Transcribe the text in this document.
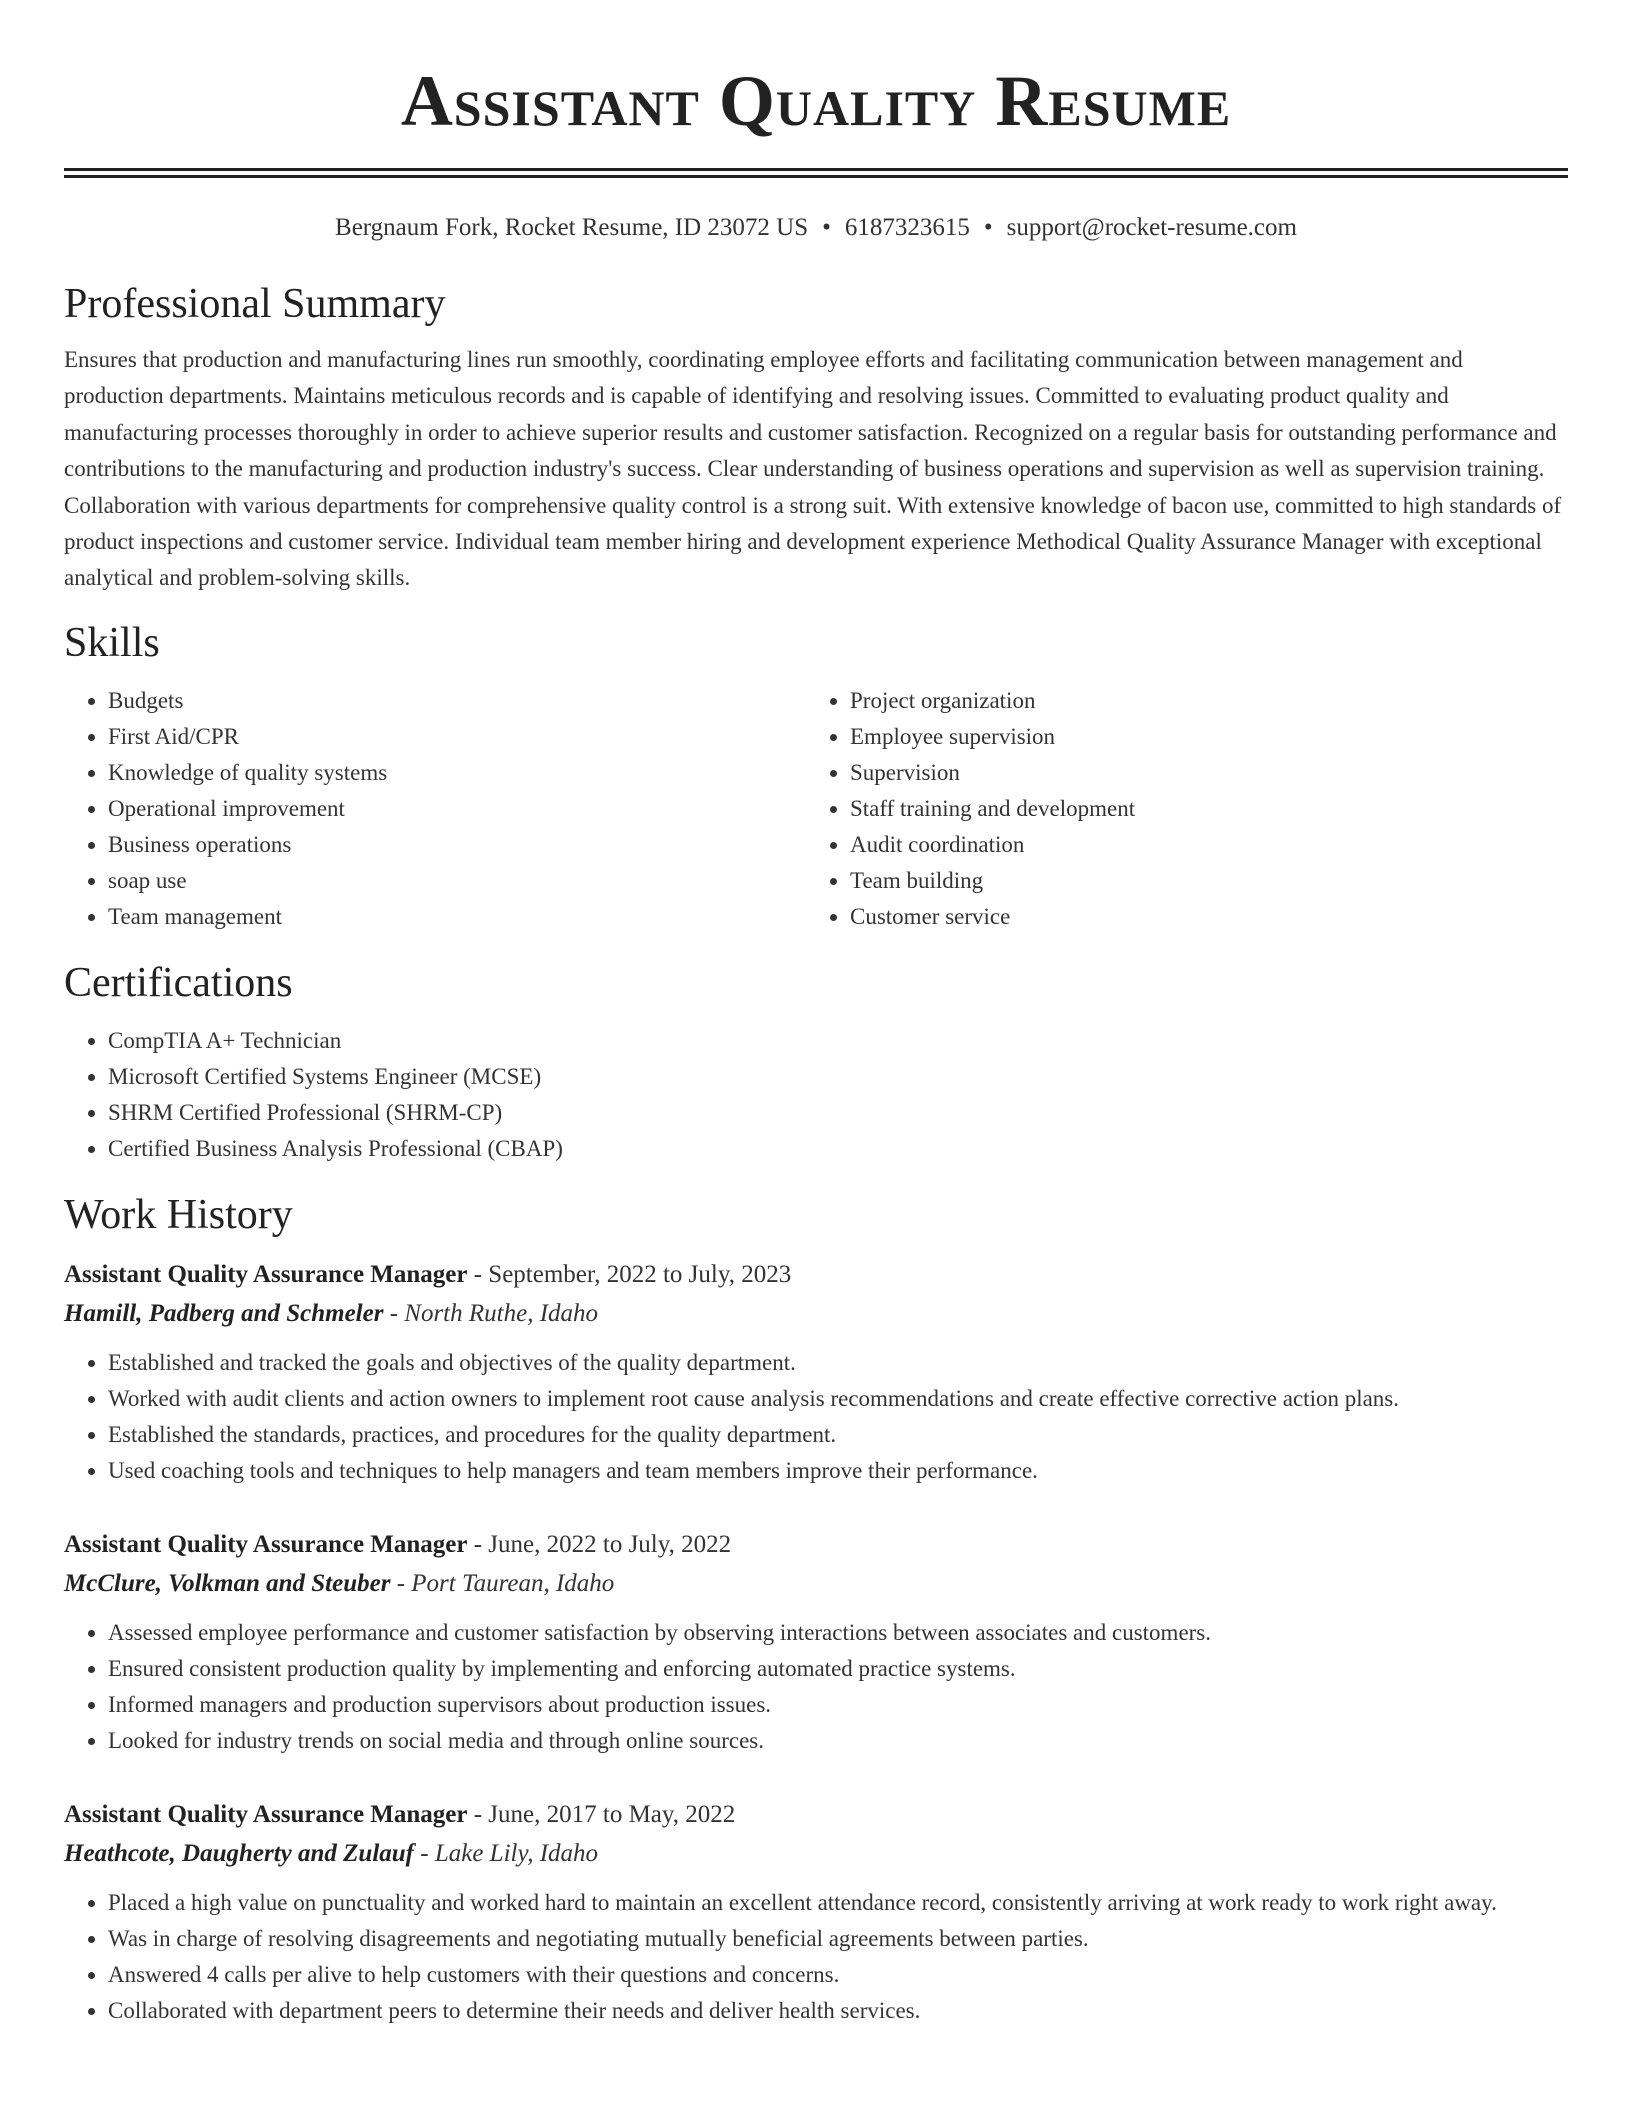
Assistant Quality Resume
Bergnaum Fork, Rocket Resume, ID 23072 US • 6187323615 • support@rocket-resume.com
Professional Summary

Ensures that production and manufacturing lines run smoothly, coordinating employee efforts and facilitating communication between management and production departments. Maintains meticulous records and is capable of identifying and resolving issues. Committed to evaluating product quality and manufacturing processes thoroughly in order to achieve superior results and customer satisfaction. Recognized on a regular basis for outstanding performance and contributions to the manufacturing and production industry's success. Clear understanding of business operations and supervision as well as supervision training. Collaboration with various departments for comprehensive quality control is a strong suit. With extensive knowledge of bacon use, committed to high standards of product inspections and customer service. Individual team member hiring and development experience Methodical Quality Assurance Manager with exceptional analytical and problem-solving skills.

Skills
• Budgets
• First Aid/CPR
• Knowledge of quality systems
• Operational improvement
• Business operations
• soap use
• Team management
• Project organization
• Employee supervision
• Supervision
• Staff training and development
• Audit coordination
• Team building
• Customer service
Certifications
• CompTIA A+ Technician
• Microsoft Certified Systems Engineer (MCSE)
• SHRM Certified Professional (SHRM-CP)
• Certified Business Analysis Professional (CBAP)
Work History
Assistant Quality Assurance Manager - September, 2022 to July, 2023
Hamill, Padberg and Schmeler - North Ruthe, Idaho
• Established and tracked the goals and objectives of the quality department.
• Worked with audit clients and action owners to implement root cause analysis recommendations and create effective corrective action plans.
• Established the standards, practices, and procedures for the quality department.
• Used coaching tools and techniques to help managers and team members improve their performance.
Assistant Quality Assurance Manager - June, 2022 to July, 2022
McClure, Volkman and Steuber - Port Taurean, Idaho
• Assessed employee performance and customer satisfaction by observing interactions between associates and customers.
• Ensured consistent production quality by implementing and enforcing automated practice systems.
• Informed managers and production supervisors about production issues.
• Looked for industry trends on social media and through online sources.
Assistant Quality Assurance Manager - June, 2017 to May, 2022
Heathcote, Daugherty and Zulauf - Lake Lily, Idaho
• Placed a high value on punctuality and worked hard to maintain an excellent attendance record, consistently arriving at work ready to work right away.
• Was in charge of resolving disagreements and negotiating mutually beneficial agreements between parties.
• Answered 4 calls per alive to help customers with their questions and concerns.
• Collaborated with department peers to determine their needs and deliver health services.
